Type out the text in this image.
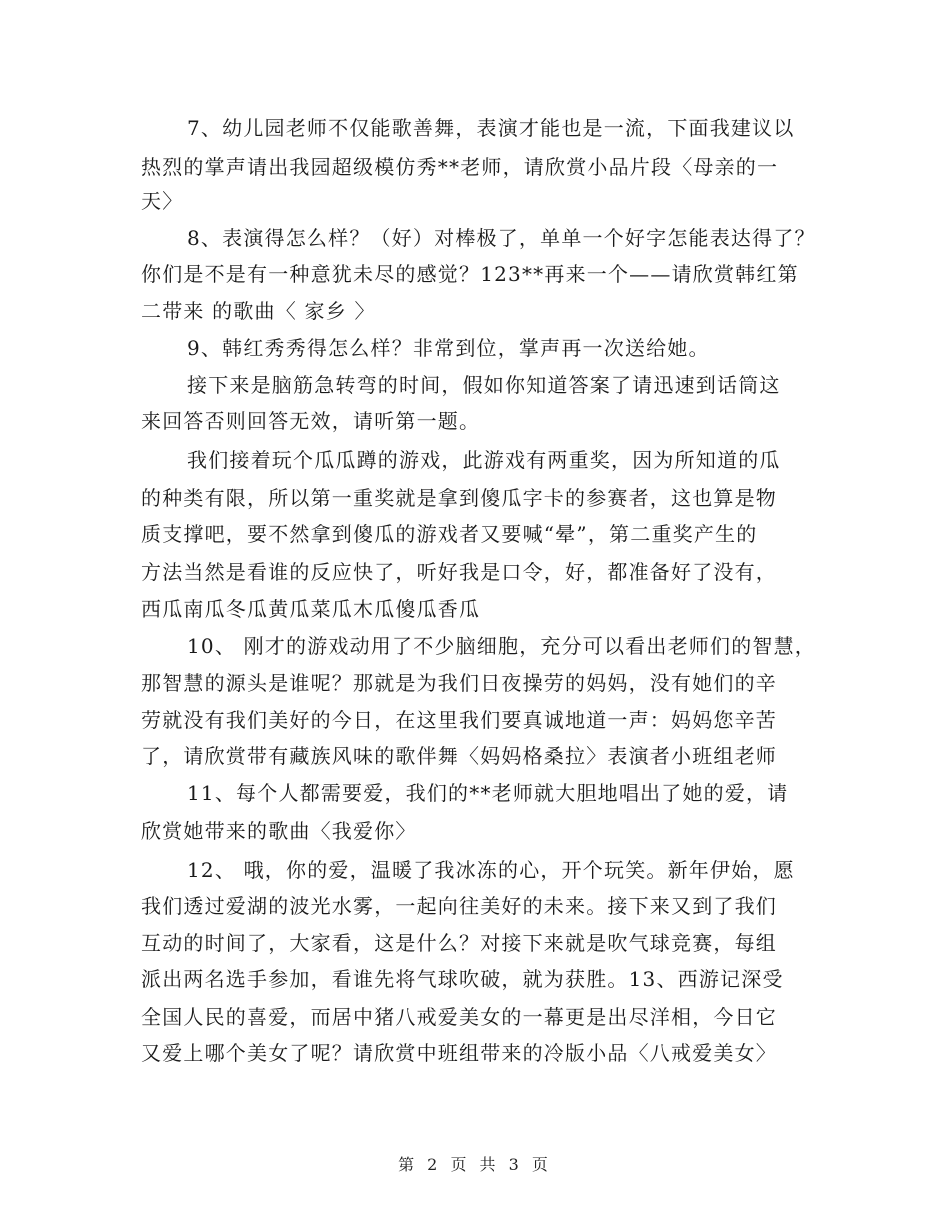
7、幼儿园老师不仅能歌善舞，表演才能也是一流，下面我建议以
热烈的掌声请出我园超级模仿秀**老师，请欣赏小品片段〈母亲的一
天〉
8、表演得怎么样？（好）对棒极了，单单一个好字怎能表达得了？
你们是不是有一种意犹未尽的感觉？123**再来一个——请欣赏韩红第
二带来 的歌曲〈 家乡 〉
9、韩红秀秀得怎么样？非常到位，掌声再一次送给她。
接下来是脑筋急转弯的时间，假如你知道答案了请迅速到话筒这
来回答否则回答无效，请听第一题。
我们接着玩个瓜瓜蹲的游戏，此游戏有两重奖，因为所知道的瓜
的种类有限，所以第一重奖就是拿到傻瓜字卡的参赛者，这也算是物
质支撑吧，要不然拿到傻瓜的游戏者又要喊“晕”，第二重奖产生的
方法当然是看谁的反应快了，听好我是口令，好，都准备好了没有，
西瓜南瓜冬瓜黄瓜菜瓜木瓜傻瓜香瓜
10、 刚才的游戏动用了不少脑细胞，充分可以看出老师们的智慧，
那智慧的源头是谁呢？那就是为我们日夜操劳的妈妈，没有她们的辛
劳就没有我们美好的今日，在这里我们要真诚地道一声：妈妈您辛苦
了，请欣赏带有藏族风味的歌伴舞〈妈妈格桑拉〉表演者小班组老师
11、每个人都需要爱，我们的**老师就大胆地唱出了她的爱，请
欣赏她带来的歌曲〈我爱你〉
12、 哦，你的爱，温暖了我冰冻的心，开个玩笑。新年伊始，愿
我们透过爱湖的波光水雾，一起向往美好的未来。接下来又到了我们
互动的时间了，大家看，这是什么？对接下来就是吹气球竞赛，每组
派出两名选手参加，看谁先将气球吹破，就为获胜。13、西游记深受
全国人民的喜爱，而居中猪八戒爱美女的一幕更是出尽洋相，今日它
又爱上哪个美女了呢？请欣赏中班组带来的冷版小品〈八戒爱美女〉
第 2 页 共 3 页
